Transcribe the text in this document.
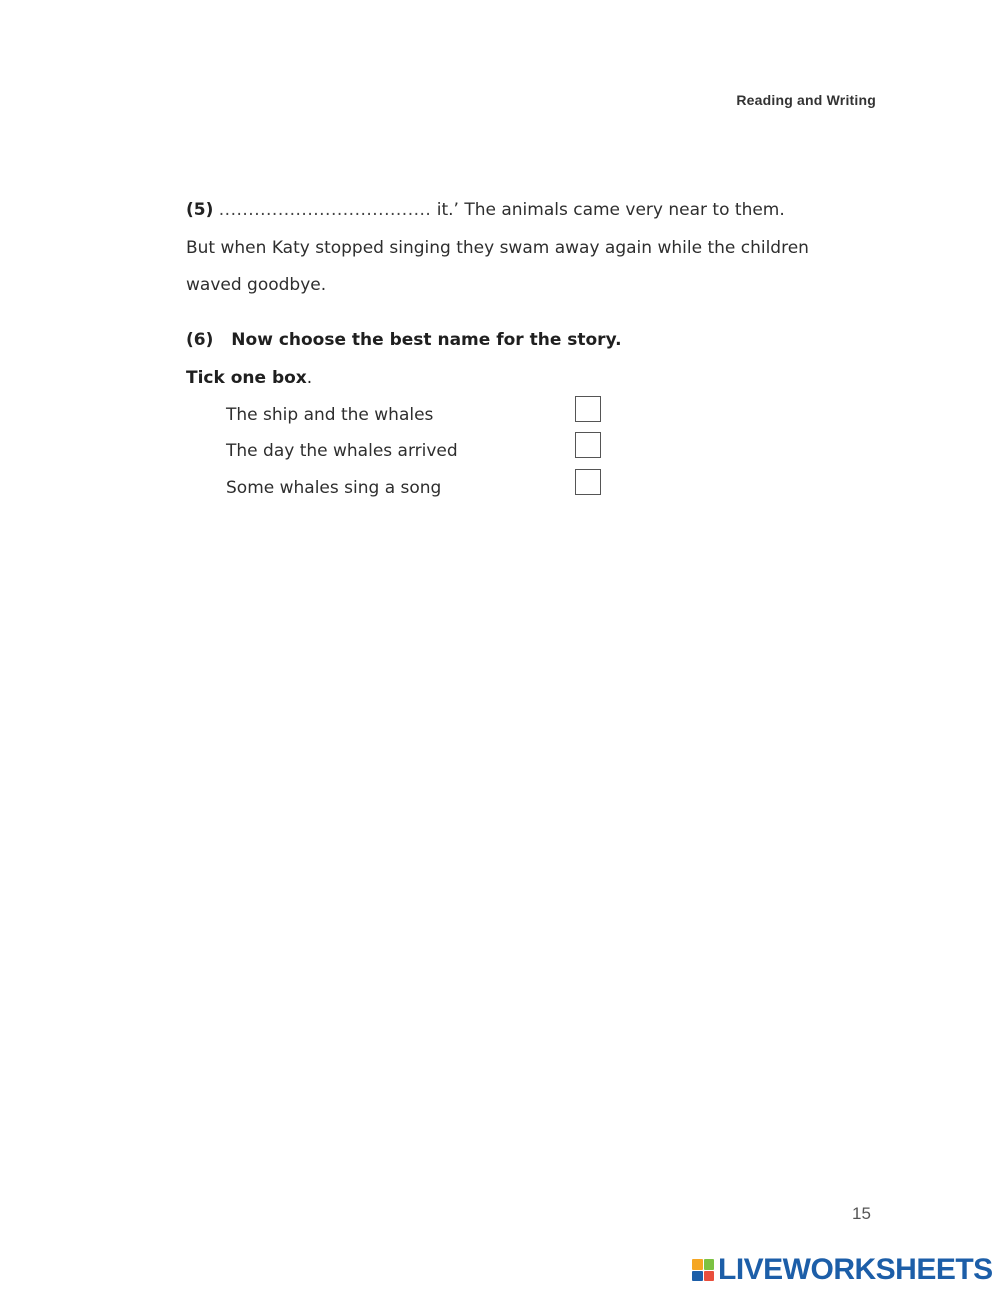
Reading and Writing
(5) .................................... it.’ The animals came very near to them.
But when Katy stopped singing they swam away again while the children
waved goodbye.
(6) Now choose the best name for the story.
Tick one box.
The ship and the whales
The day the whales arrived
Some whales sing a song
15
LIVEWORKSHEETS
